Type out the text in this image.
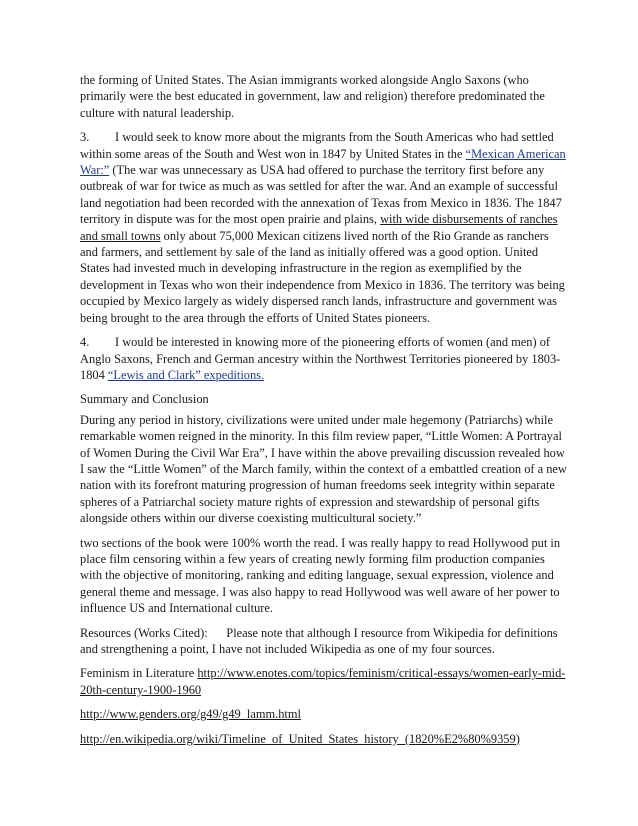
the forming of United States. The Asian immigrants worked alongside Anglo Saxons (who primarily were the best educated in government, law and religion) therefore predominated the culture with natural leadership.

3. I would seek to know more about the migrants from the South Americas who had settled within some areas of the South and West won in 1847 by United States in the “Mexican American War:” (The war was unnecessary as USA had offered to purchase the territory first before any outbreak of war for twice as much as was settled for after the war. And an example of successful land negotiation had been recorded with the annexation of Texas from Mexico in 1836. The 1847 territory in dispute was for the most open prairie and plains, with wide disbursements of ranches and small towns only about 75,000 Mexican citizens lived north of the Rio Grande as ranchers and farmers, and settlement by sale of the land as initially offered was a good option. United States had invested much in developing infrastructure in the region as exemplified by the development in Texas who won their independence from Mexico in 1836. The territory was being occupied by Mexico largely as widely dispersed ranch lands, infrastructure and government was being brought to the area through the efforts of United States pioneers.

4. I would be interested in knowing more of the pioneering efforts of women (and men) of Anglo Saxons, French and German ancestry within the Northwest Territories pioneered by 1803-1804 “Lewis and Clark” expeditions.

Summary and Conclusion

During any period in history, civilizations were united under male hegemony (Patriarchs) while remarkable women reigned in the minority. In this film review paper, “Little Women: A Portrayal of Women During the Civil War Era”, I have within the above prevailing discussion revealed how I saw the “Little Women” of the March family, within the context of a embattled creation of a new nation with its forefront maturing progression of human freedoms seek integrity within separate spheres of a Patriarchal society mature rights of expression and stewardship of personal gifts alongside others within our diverse coexisting multicultural society.”

two sections of the book were 100% worth the read. I was really happy to read Hollywood put in place film censoring within a few years of creating newly forming film production companies with the objective of monitoring, ranking and editing language, sexual expression, violence and general theme and message. I was also happy to read Hollywood was well aware of her power to influence US and International culture.

Resources (Works Cited): Please note that although I resource from Wikipedia for definitions and strengthening a point, I have not included Wikipedia as one of my four sources.

Feminism in Literature http://www.enotes.com/topics/feminism/critical-essays/women-early-mid-20th-century-1900-1960

http://www.genders.org/g49/g49_lamm.html

http://en.wikipedia.org/wiki/Timeline_of_United_States_history_(1820%E2%80%9359)
